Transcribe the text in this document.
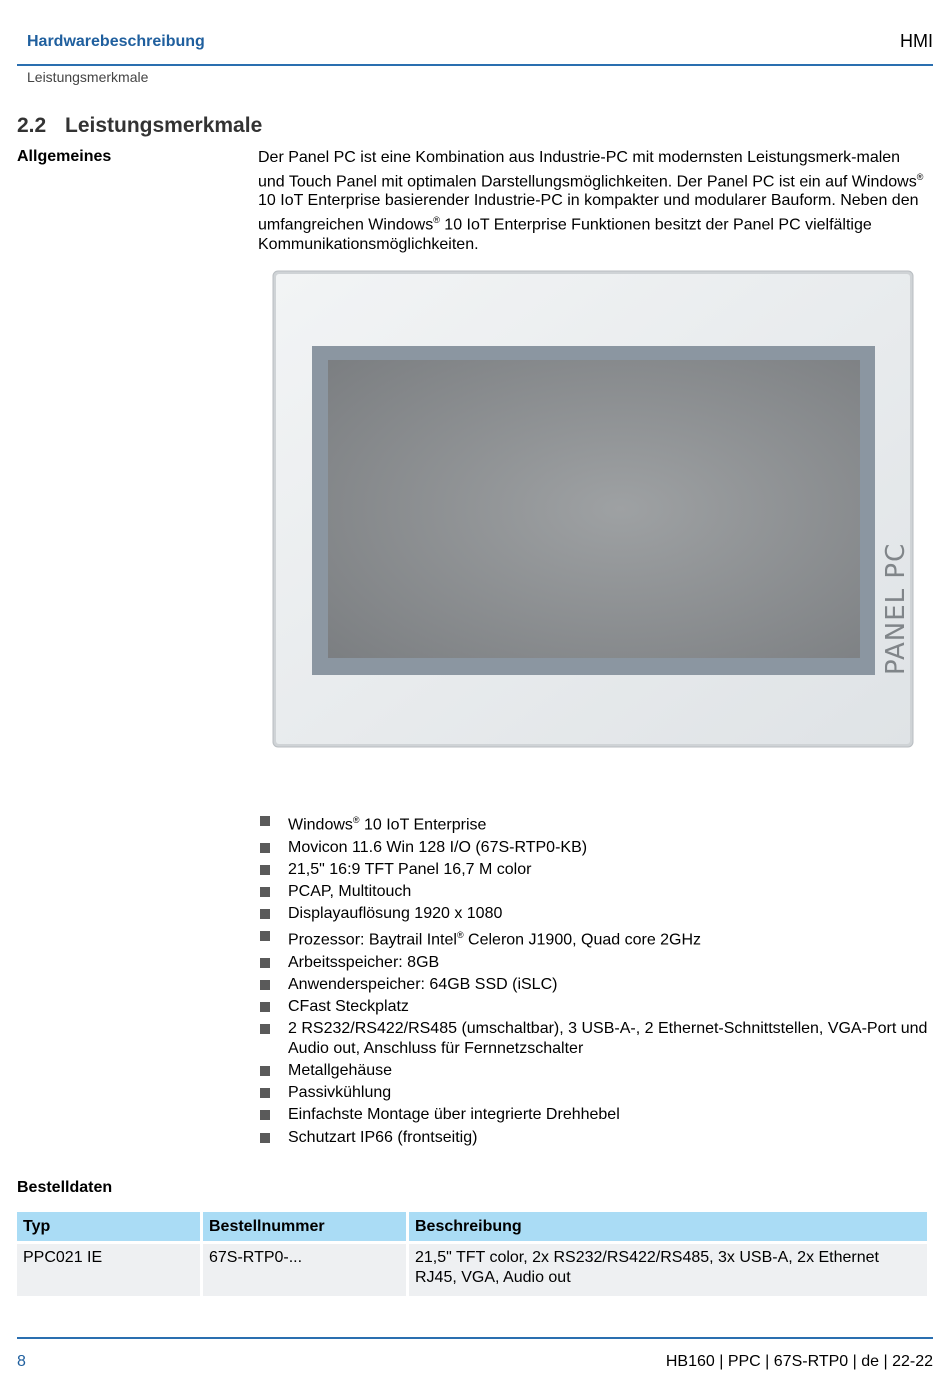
Hardwarebeschreibung	HMI
Leistungsmerkmale
2.2 Leistungsmerkmale
Allgemeines	Der Panel PC ist eine Kombination aus Industrie-PC mit modernsten Leistungsmerk-malen und Touch Panel mit optimalen Darstellungsmöglichkeiten. Der Panel PC ist ein auf Windows® 10 IoT Enterprise basierender Industrie-PC in kompakter und modularer Bauform. Neben den umfangreichen Windows® 10 IoT Enterprise Funktionen besitzt der Panel PC vielfältige Kommunikationsmöglichkeiten.
PANEL PC
Windows® 10 IoT Enterprise
Movicon 11.6 Win 128 I/O (67S-RTP0-KB)
21,5" 16:9 TFT Panel 16,7 M color
PCAP, Multitouch
Displayauflösung 1920 x 1080
Prozessor: Baytrail Intel® Celeron J1900, Quad core 2GHz
Arbeitsspeicher: 8GB
Anwenderspeicher: 64GB SSD (iSLC)
CFast Steckplatz
2 RS232/RS422/RS485 (umschaltbar), 3 USB-A-, 2 Ethernet-Schnittstellen, VGA-Port und Audio out, Anschluss für Fernnetzschalter
Metallgehäuse
Passivkühlung
Einfachste Montage über integrierte Drehhebel
Schutzart IP66 (frontseitig)
Bestelldaten
Typ	Bestellnummer	Beschreibung
PPC021 IE	67S-RTP0-...	21,5" TFT color, 2x RS232/RS422/RS485, 3x USB-A, 2x Ethernet RJ45, VGA, Audio out
8	HB160 | PPC | 67S-RTP0 | de | 22-22
